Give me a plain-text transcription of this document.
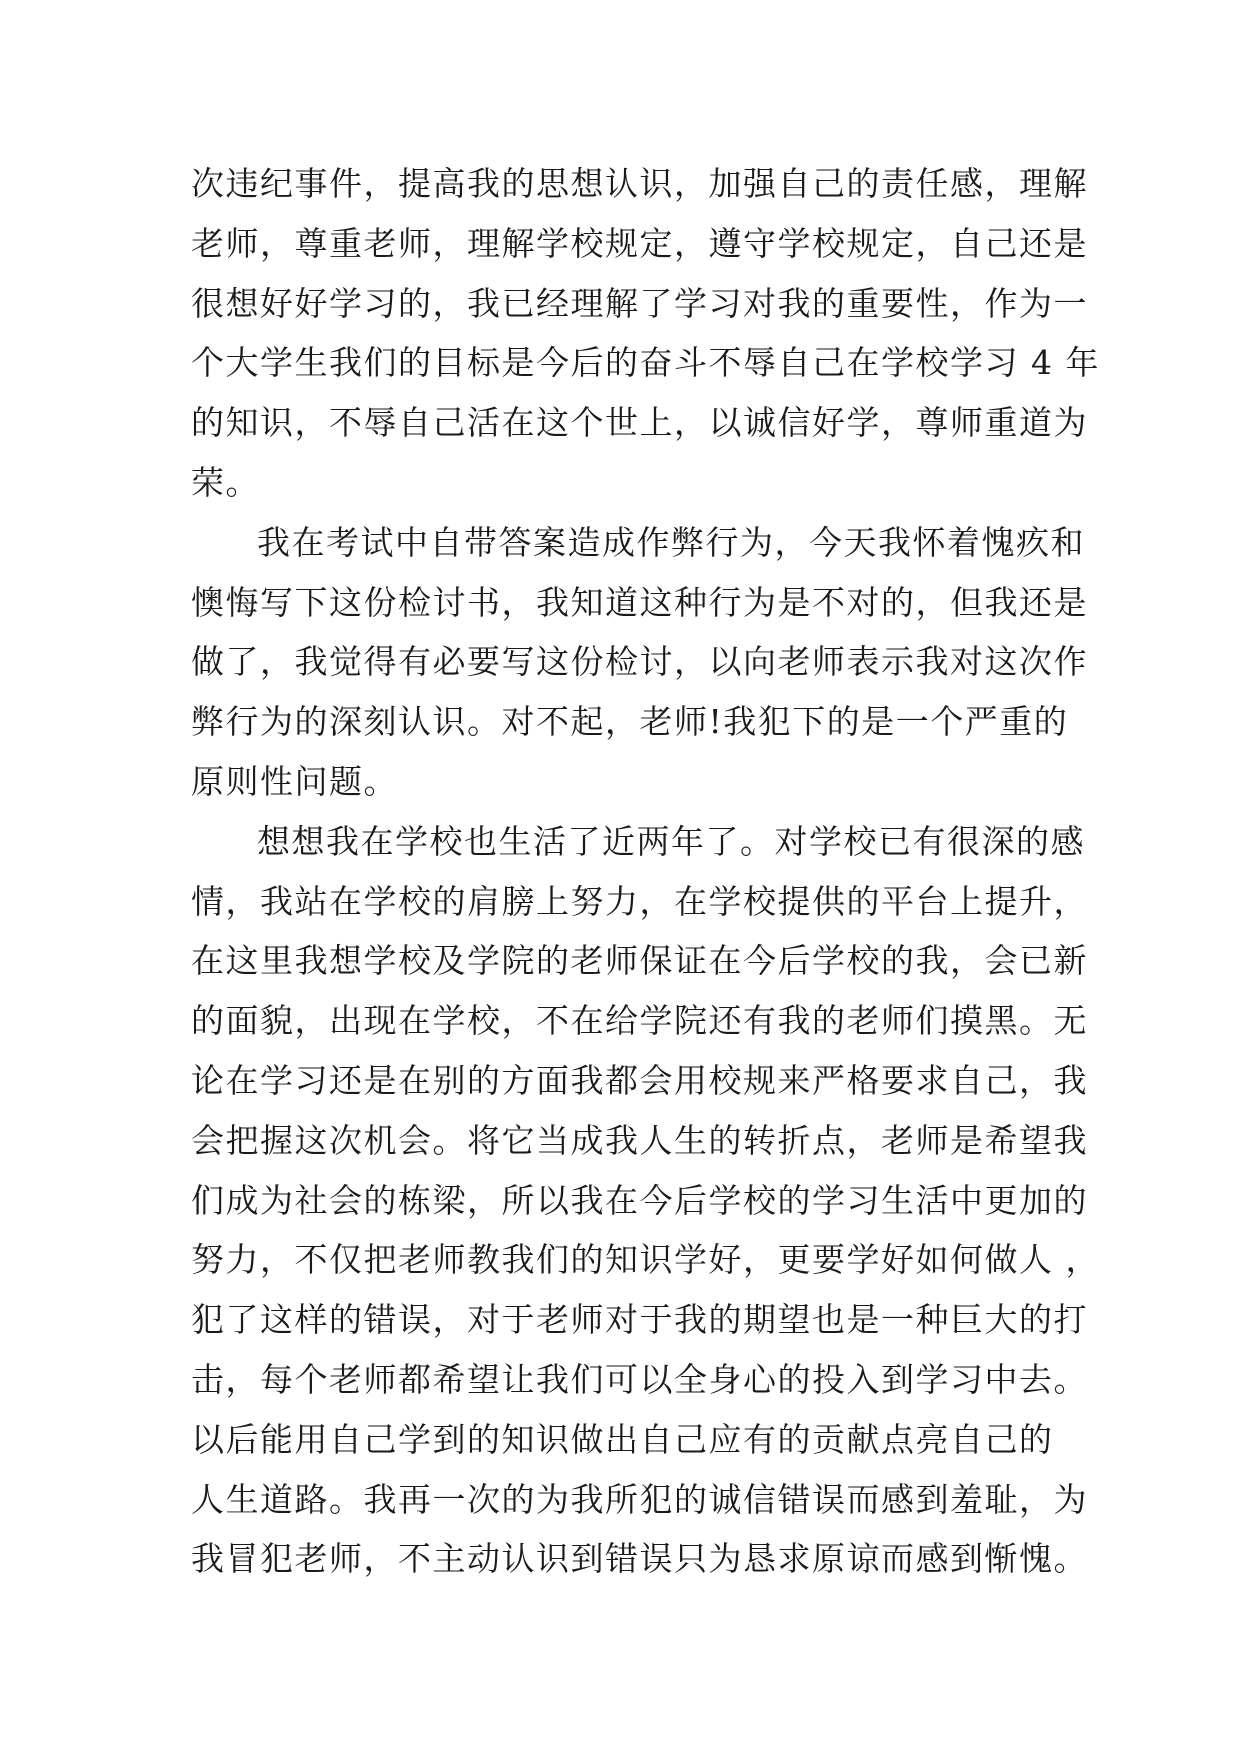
次违纪事件，提高我的思想认识，加强自己的责任感，理解
老师，尊重老师，理解学校规定，遵守学校规定，自己还是
很想好好学习的，我已经理解了学习对我的重要性，作为一
个大学生我们的目标是今后的奋斗不辱自己在学校学习 4 年
的知识，不辱自己活在这个世上，以诚信好学，尊师重道为
荣。
我在考试中自带答案造成作弊行为，今天我怀着愧疚和
懊悔写下这份检讨书，我知道这种行为是不对的，但我还是
做了，我觉得有必要写这份检讨，以向老师表示我对这次作
弊行为的深刻认识。对不起，老师!我犯下的是一个严重的
原则性问题。
想想我在学校也生活了近两年了。对学校已有很深的感
情，我站在学校的肩膀上努力，在学校提供的平台上提升，
在这里我想学校及学院的老师保证在今后学校的我，会已新
的面貌，出现在学校，不在给学院还有我的老师们摸黑。无
论在学习还是在别的方面我都会用校规来严格要求自己，我
会把握这次机会。将它当成我人生的转折点，老师是希望我
们成为社会的栋梁，所以我在今后学校的学习生活中更加的
努力，不仅把老师教我们的知识学好，更要学好如何做人 ，
犯了这样的错误，对于老师对于我的期望也是一种巨大的打
击，每个老师都希望让我们可以全身心的投入到学习中去。
以后能用自己学到的知识做出自己应有的贡献点亮自己的
人生道路。我再一次的为我所犯的诚信错误而感到羞耻，为
我冒犯老师，不主动认识到错误只为恳求原谅而感到惭愧。
